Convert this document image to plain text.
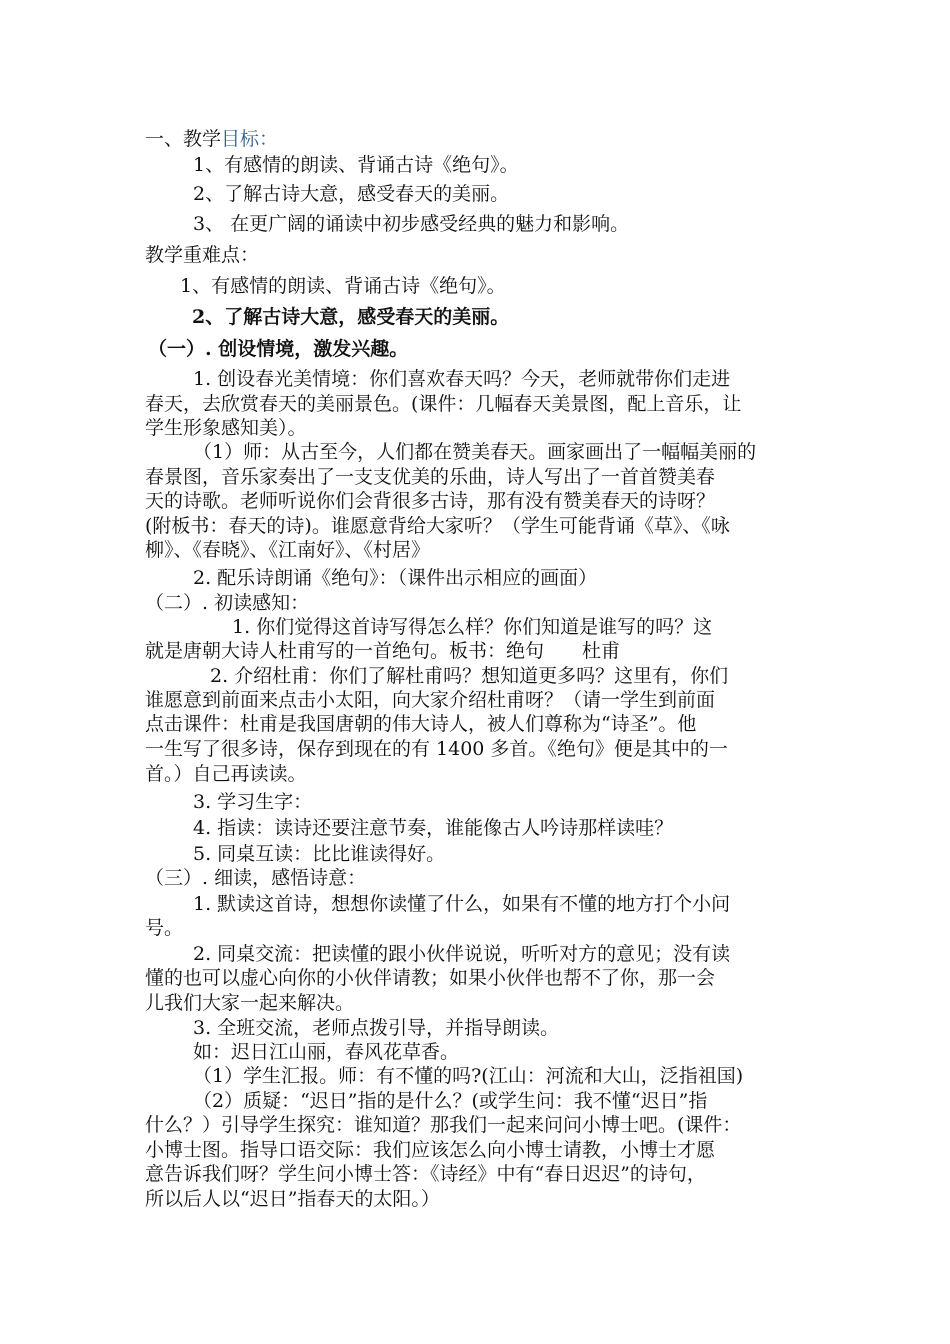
一、教学目标：
1、有感情的朗读、背诵古诗《绝句》。
2、了解古诗大意，感受春天的美丽。
3、 在更广阔的诵读中初步感受经典的魅力和影响。
教学重难点：
1、有感情的朗读、背诵古诗《绝句》。
2、了解古诗大意，感受春天的美丽。
（一）. 创设情境，激发兴趣。
1. 创设春光美情境：你们喜欢春天吗？今天，老师就带你们走进
春天，去欣赏春天的美丽景色。(课件：几幅春天美景图，配上音乐，让
学生形象感知美）。
（1）师：从古至今，人们都在赞美春天。画家画出了一幅幅美丽的
春景图，音乐家奏出了一支支优美的乐曲，诗人写出了一首首赞美春
天的诗歌。老师听说你们会背很多古诗，那有没有赞美春天的诗呀？
(附板书：春天的诗)。谁愿意背给大家听？（学生可能背诵《草》、《咏
柳》、《春晓》、《江南好》、《村居》
2. 配乐诗朗诵《绝句》：（课件出示相应的画面）
（二）. 初读感知：
1. 你们觉得这首诗写得怎么样？你们知道是谁写的吗？这
就是唐朝大诗人杜甫写的一首绝句。板书：绝句　　杜甫
2. 介绍杜甫：你们了解杜甫吗？想知道更多吗？这里有，你们
谁愿意到前面来点击小太阳，向大家介绍杜甫呀？（请一学生到前面
点击课件：杜甫是我国唐朝的伟大诗人，被人们尊称为“诗圣”。他
一生写了很多诗，保存到现在的有 1400 多首。《绝句》便是其中的一
首。）自己再读读。
3. 学习生字：
4. 指读：读诗还要注意节奏，谁能像古人吟诗那样读哇？
5. 同桌互读：比比谁读得好。
（三）. 细读，感悟诗意：
1. 默读这首诗，想想你读懂了什么，如果有不懂的地方打个小问
号。
2. 同桌交流：把读懂的跟小伙伴说说，听听对方的意见；没有读
懂的也可以虚心向你的小伙伴请教；如果小伙伴也帮不了你，那一会
儿我们大家一起来解决。
3. 全班交流，老师点拨引导，并指导朗读。
如：迟日江山丽，春风花草香。
（1）学生汇报。师：有不懂的吗?(江山：河流和大山，泛指祖国)
（2）质疑：“迟日”指的是什么？(或学生问：我不懂“迟日”指
什么？）引导学生探究：谁知道？那我们一起来问问小博士吧。(课件：
小博士图。指导口语交际：我们应该怎么向小博士请教，小博士才愿
意告诉我们呀？学生问小博士答：《诗经》中有“春日迟迟”的诗句，
所以后人以“迟日”指春天的太阳。）
